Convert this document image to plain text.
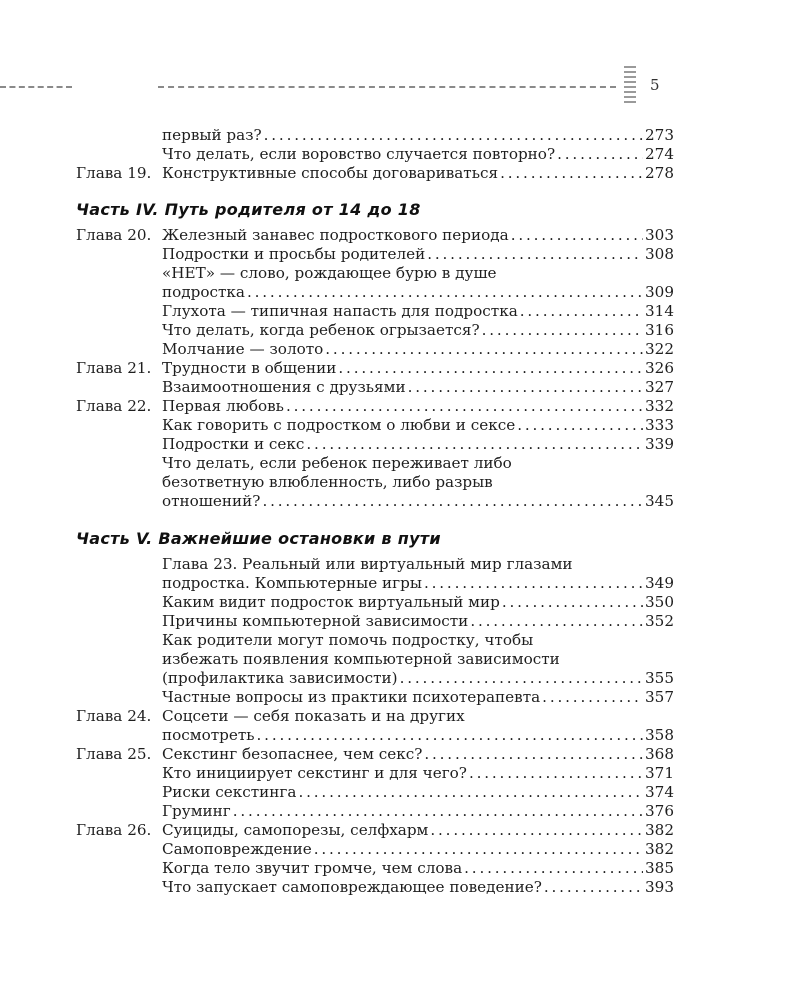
5
первый раз? . . .	273
Что делать, если воровство случается повторно? . . .	274
Глава 19. Конструктивные способы договариваться . . .	278
Часть IV. Путь родителя от 14 до 18
Глава 20. Железный занавес подросткового периода . . .	303
Подростки и просьбы родителей . . .	308
«НЕТ» — слово, рождающее бурю в душе
подростка . . .	309
Глухота — типичная напасть для подростка . . .	314
Что делать, когда ребенок огрызается? . . .	316
Молчание — золото . . .	322
Глава 21. Трудности в общении . . .	326
Взаимоотношения с друзьями . . .	327
Глава 22. Первая любовь . . .	332
Как говорить с подростком о любви и сексе . . .	333
Подростки и секс . . .	339
Что делать, если ребенок переживает либо
безответную влюбленность, либо разрыв
отношений? . . .	345
Часть V. Важнейшие остановки в пути
Глава 23. Реальный или виртуальный мир глазами
подростка. Компьютерные игры . . .	349
Каким видит подросток виртуальный мир . . .	350
Причины компьютерной зависимости . . .	352
Как родители могут помочь подростку, чтобы
избежать появления компьютерной зависимости
(профилактика зависимости) . . .	355
Частные вопросы из практики психотерапевта . . .	357
Глава 24. Соцсети — себя показать и на других
посмотреть . . .	358
Глава 25. Секстинг безопаснее, чем секс? . . .	368
Кто инициирует секстинг и для чего? . . .	371
Риски секстинга . . .	374
Груминг . . .	376
Глава 26. Суициды, самопорезы, селфхарм . . .	382
Самоповреждение . . .	382
Когда тело звучит громче, чем слова . . .	385
Что запускает самоповреждающее поведение? . . .	393
